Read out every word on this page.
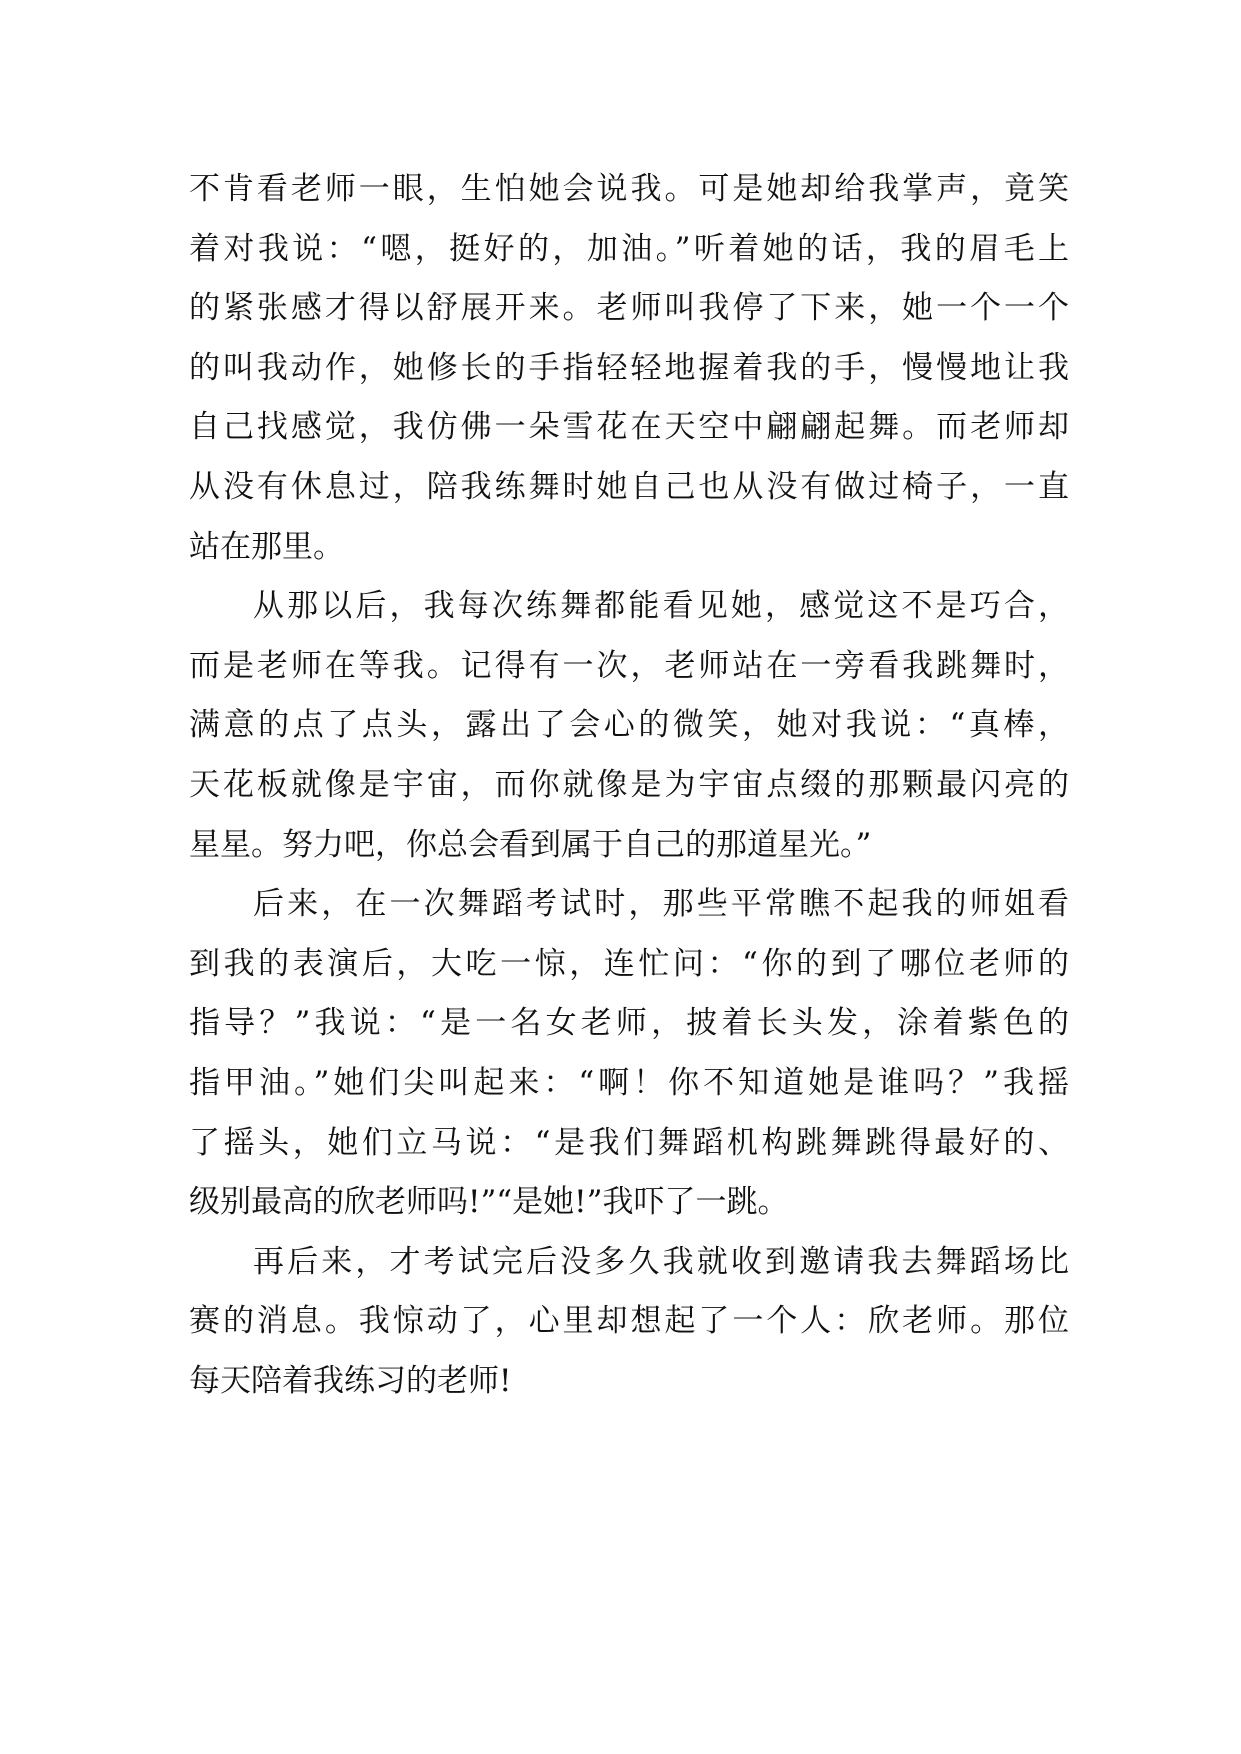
不肯看老师一眼，生怕她会说我。可是她却给我掌声，竟笑
着对我说：“嗯，挺好的，加油。”听着她的话，我的眉毛上
的紧张感才得以舒展开来。老师叫我停了下来，她一个一个
的叫我动作，她修长的手指轻轻地握着我的手，慢慢地让我
自己找感觉，我仿佛一朵雪花在天空中翩翩起舞。而老师却
从没有休息过，陪我练舞时她自己也从没有做过椅子，一直
站在那里。
从那以后，我每次练舞都能看见她，感觉这不是巧合，
而是老师在等我。记得有一次，老师站在一旁看我跳舞时，
满意的点了点头，露出了会心的微笑，她对我说：“真棒，
天花板就像是宇宙，而你就像是为宇宙点缀的那颗最闪亮的
星星。努力吧，你总会看到属于自己的那道星光。”
后来，在一次舞蹈考试时，那些平常瞧不起我的师姐看
到我的表演后，大吃一惊，连忙问：“你的到了哪位老师的
指导？”我说：“是一名女老师，披着长头发，涂着紫色的
指甲油。”她们尖叫起来：“啊！你不知道她是谁吗？”我摇
了摇头，她们立马说：“是我们舞蹈机构跳舞跳得最好的、
级别最高的欣老师吗!”“是她!”我吓了一跳。
再后来，才考试完后没多久我就收到邀请我去舞蹈场比
赛的消息。我惊动了，心里却想起了一个人：欣老师。那位
每天陪着我练习的老师!
